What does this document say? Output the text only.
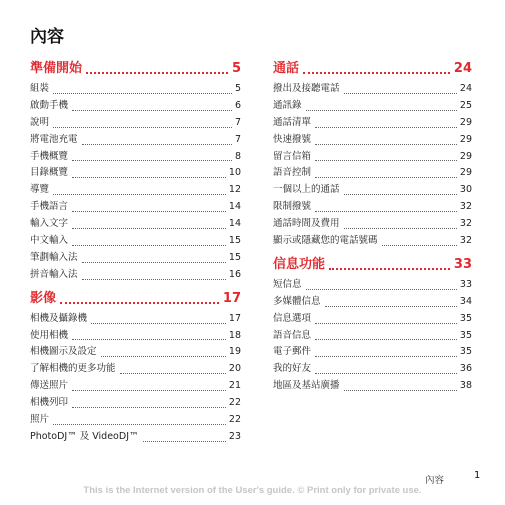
內容
準備開始	5
組裝	5
啟動手機	6
說明	7
將電池充電	7
手機概覽	8
目錄概覽	10
導覽	12
手機語言	14
輸入文字	14
中文輸入	15
筆劃輸入法	15
拼音輸入法	16
影像	17
相機及攝錄機	17
使用相機	18
相機圖示及設定	19
了解相機的更多功能	20
傳送照片	21
相機列印	22
照片	22
PhotoDJ™ 及 VideoDJ™	23
通話	24
撥出及接聽電話	24
通訊錄	25
通話清單	29
快速撥號	29
留言信箱	29
語音控制	29
一個以上的通話	30
限制撥號	32
通話時間及費用	32
顯示或隱藏您的電話號碼	32
信息功能	33
短信息	33
多媒體信息	34
信息選項	35
語音信息	35
電子郵件	35
我的好友	36
地區及基站廣播	38
內容	1
This is the Internet version of the User's guide. © Print only for private use.
